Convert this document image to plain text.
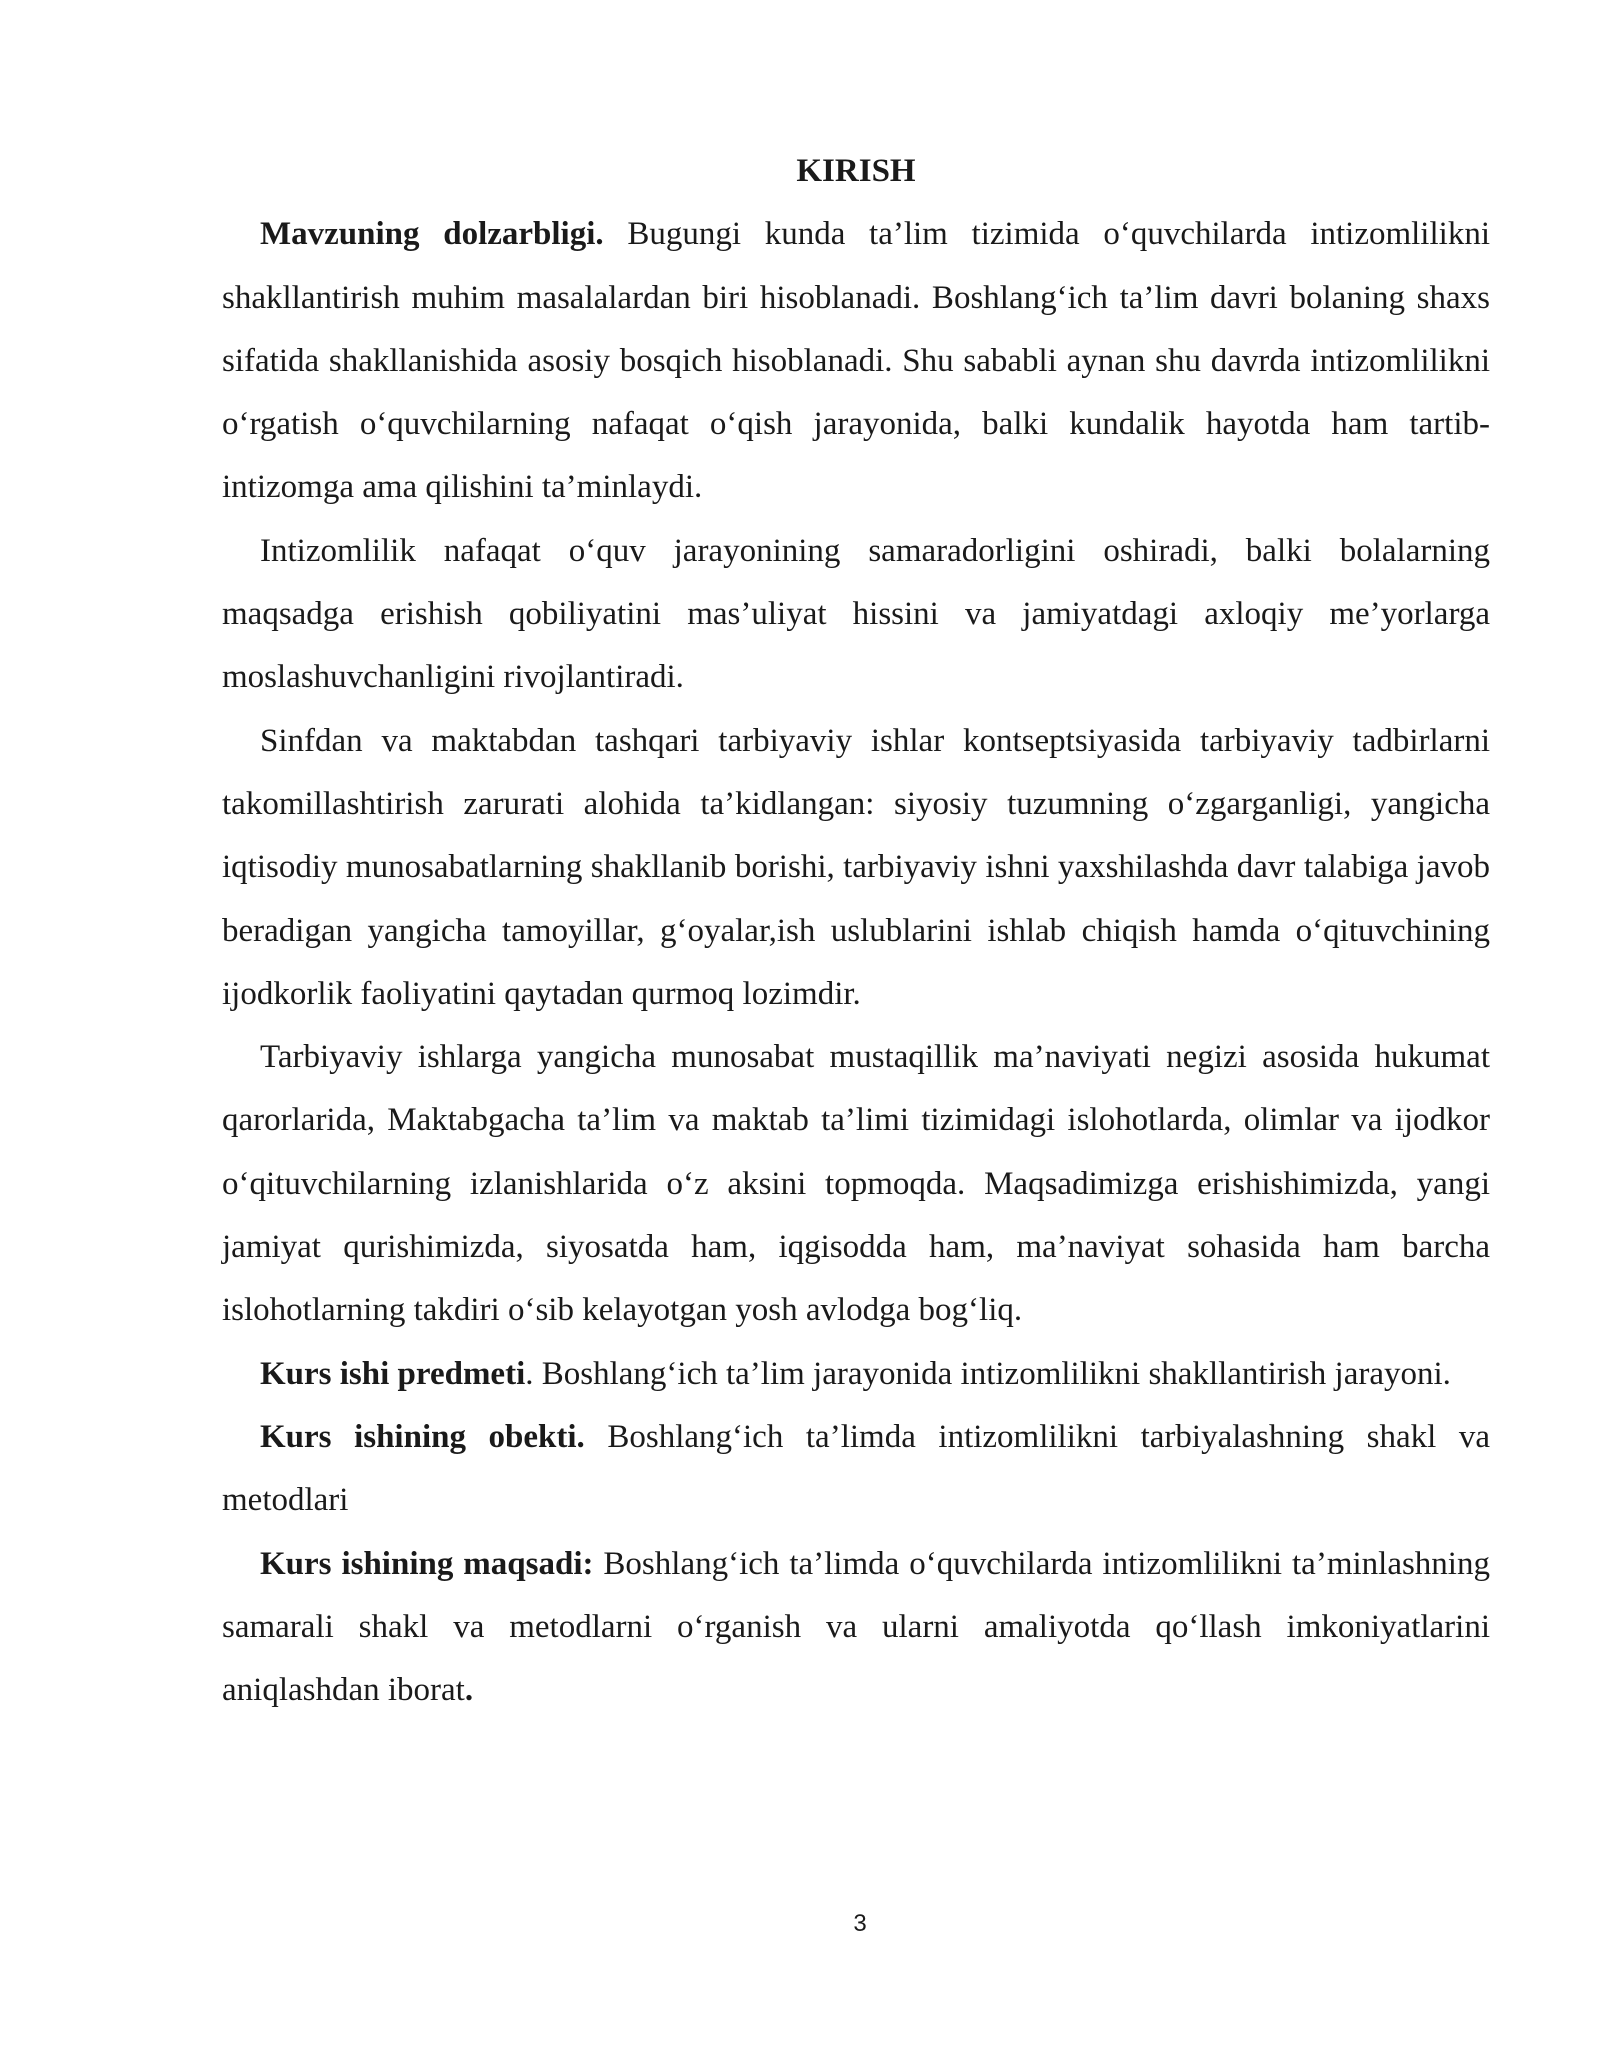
KIRISH

Mavzuning dolzarbligi. Bugungi kunda ta’lim tizimida o‘quvchilarda intizomlilikni shakllantirish muhim masalalardan biri hisoblanadi. Boshlang‘ich ta’lim davri bolaning shaxs sifatida shakllanishida asosiy bosqich hisoblanadi. Shu sababli aynan shu davrda intizomlilikni o‘rgatish o‘quvchilarning nafaqat o‘qish jarayonida, balki kundalik hayotda ham tartib-intizomga ama qilishini ta’minlaydi.

Intizomlilik nafaqat o‘quv jarayonining samaradorligini oshiradi, balki bolalarning maqsadga erishish qobiliyatini mas’uliyat hissini va jamiyatdagi axloqiy me’yorlarga moslashuvchanligini rivojlantiradi.

Sinfdan va maktabdan tashqari tarbiyaviy ishlar kontseptsiyasida tarbiyaviy tadbirlarni takomillashtirish zarurati alohida ta’kidlangan: siyosiy tuzumning o‘zgarganligi, yangicha iqtisodiy munosabatlarning shakllanib borishi, tarbiyaviy ishni yaxshilashda davr talabiga javob beradigan yangicha tamoyillar, g‘oyalar,ish uslublarini ishlab chiqish hamda o‘qituvchining ijodkorlik faoliyatini qaytadan qurmoq lozimdir.

Tarbiyaviy ishlarga yangicha munosabat mustaqillik ma’naviyati negizi asosida hukumat qarorlarida, Maktabgacha ta’lim va maktab ta’limi tizimidagi islohotlarda, olimlar va ijodkor o‘qituvchilarning izlanishlarida o‘z aksini topmoqda. Maqsadimizga erishishimizda, yangi jamiyat qurishimizda, siyosatda ham, iqgisodda ham, ma’naviyat sohasida ham barcha islohotlarning takdiri o‘sib kelayotgan yosh avlodga bog‘liq.

Kurs ishi predmeti. Boshlang‘ich ta’lim jarayonida intizomlilikni shakllantirish jarayoni.

Kurs ishining obekti. Boshlang‘ich ta’limda intizomlilikni tarbiyalashning shakl va metodlari

Kurs ishining maqsadi: Boshlang‘ich ta’limda o‘quvchilarda intizomlilikni ta’minlashning samarali shakl va metodlarni o‘rganish va ularni amaliyotda qo‘llash imkoniyatlarini aniqlashdan iborat.

3
